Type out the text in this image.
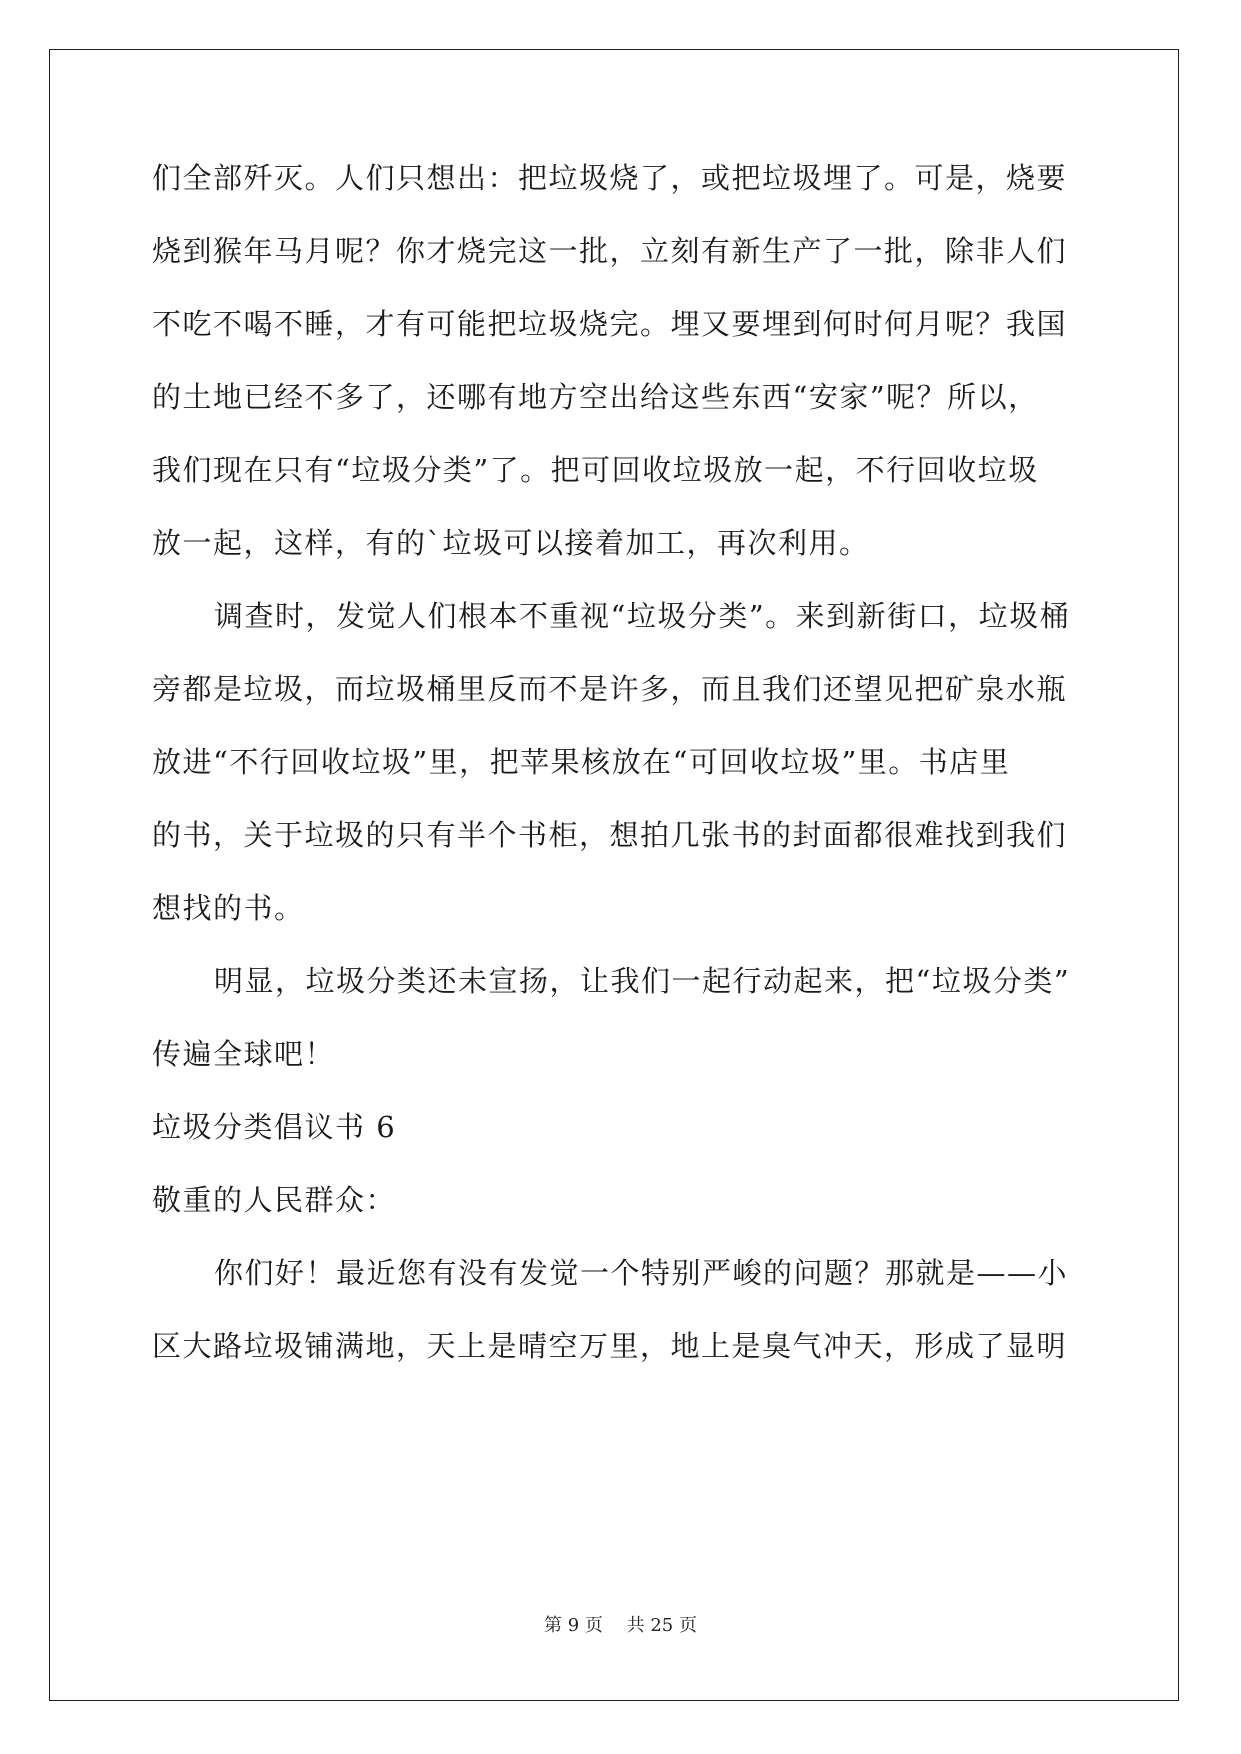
们全部歼灭。人们只想出：把垃圾烧了，或把垃圾埋了。可是，烧要
烧到猴年马月呢？你才烧完这一批，立刻有新生产了一批，除非人们
不吃不喝不睡，才有可能把垃圾烧完。埋又要埋到何时何月呢？我国
的土地已经不多了，还哪有地方空出给这些东西“安家”呢？所以，
我们现在只有“垃圾分类”了。把可回收垃圾放一起，不行回收垃圾
放一起，这样，有的`垃圾可以接着加工，再次利用。
调查时，发觉人们根本不重视“垃圾分类”。来到新街口，垃圾桶
旁都是垃圾，而垃圾桶里反而不是许多，而且我们还望见把矿泉水瓶
放进“不行回收垃圾”里，把苹果核放在“可回收垃圾”里。书店里
的书，关于垃圾的只有半个书柜，想拍几张书的封面都很难找到我们
想找的书。
明显，垃圾分类还未宣扬，让我们一起行动起来，把“垃圾分类”
传遍全球吧！
垃圾分类倡议书 6
敬重的人民群众：
你们好！最近您有没有发觉一个特别严峻的问题？那就是——小
区大路垃圾铺满地，天上是晴空万里，地上是臭气冲天，形成了显明
第 9 页　 共 25 页
